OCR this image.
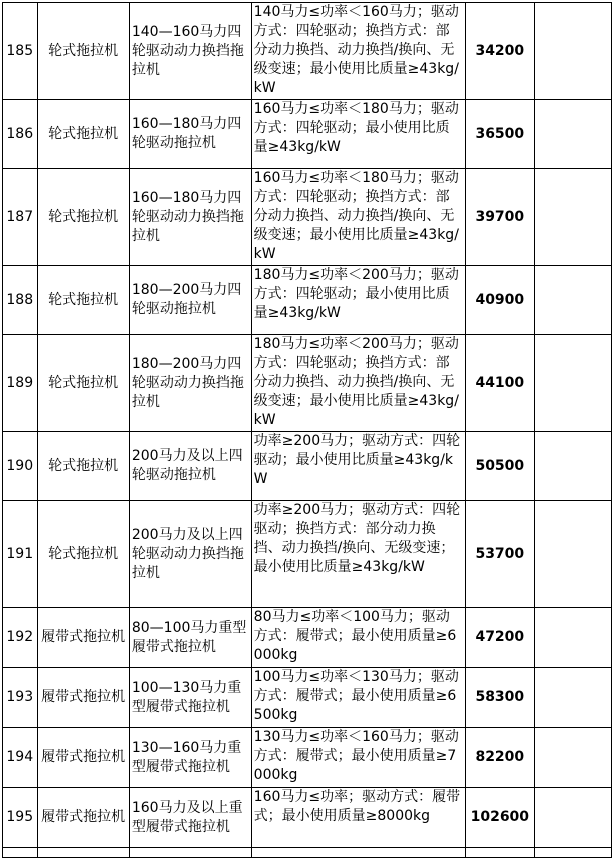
185	轮式拖拉机	140—160马力四轮驱动动力换挡拖拉机	140马力≤功率＜160马力；驱动方式：四轮驱动；换挡方式：部分动力换挡、动力换挡/换向、无级变速；最小使用比质量≥43kg/kW	34200	
186	轮式拖拉机	160—180马力四轮驱动拖拉机	160马力≤功率＜180马力；驱动方式：四轮驱动；最小使用比质量≥43kg/kW	36500	
187	轮式拖拉机	160—180马力四轮驱动动力换挡拖拉机	160马力≤功率＜180马力；驱动方式：四轮驱动；换挡方式：部分动力换挡、动力换挡/换向、无级变速；最小使用比质量≥43kg/kW	39700	
188	轮式拖拉机	180—200马力四轮驱动拖拉机	180马力≤功率＜200马力；驱动方式：四轮驱动；最小使用比质量≥43kg/kW	40900	
189	轮式拖拉机	180—200马力四轮驱动动力换挡拖拉机	180马力≤功率＜200马力；驱动方式：四轮驱动；换挡方式：部分动力换挡、动力换挡/换向、无级变速；最小使用比质量≥43kg/kW	44100	
190	轮式拖拉机	200马力及以上四轮驱动拖拉机	功率≥200马力；驱动方式：四轮驱动；最小使用比质量≥43kg/kW	50500	
191	轮式拖拉机	200马力及以上四轮驱动动力换挡拖拉机	功率≥200马力；驱动方式：四轮驱动；换挡方式：部分动力换挡、动力换挡/换向、无级变速；最小使用比质量≥43kg/kW	53700	
192	履带式拖拉机	80—100马力重型履带式拖拉机	80马力≤功率＜100马力；驱动方式：履带式；最小使用质量≥6000kg	47200	
193	履带式拖拉机	100—130马力重型履带式拖拉机	100马力≤功率＜130马力；驱动方式：履带式；最小使用质量≥6500kg	58300	
194	履带式拖拉机	130—160马力重型履带式拖拉机	130马力≤功率＜160马力；驱动方式：履带式；最小使用质量≥7000kg	82200	
195	履带式拖拉机	160马力及以上重型履带式拖拉机	160马力≤功率；驱动方式：履带式；最小使用质量≥8000kg	102600	
